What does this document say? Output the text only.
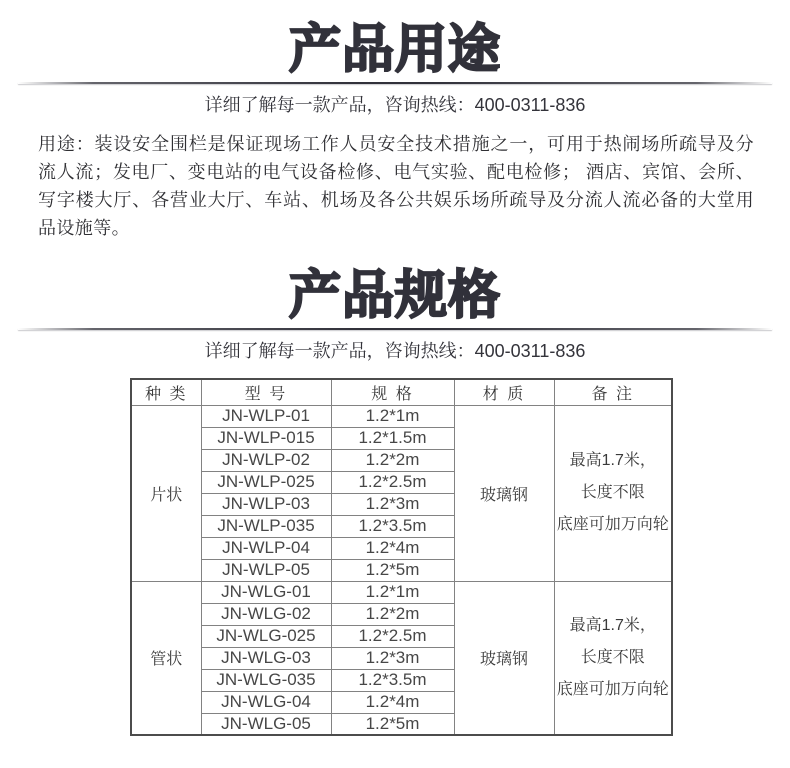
产品用途
详细了解每一款产品，咨询热线：400-0311-836

用途：装设安全围栏是保证现场工作人员安全技术措施之一，可用于热闹场所疏导及分流人流；发电厂、变电站的电气设备检修、电气实验、配电检修； 酒店、宾馆、会所、写字楼大厅、各营业大厅、车站、机场及各公共娱乐场所疏导及分流人流必备的大堂用品设施等。

产品规格
详细了解每一款产品，咨询热线：400-0311-836
种 类	型 号	规 格	材 质	备 注
片状	JN-WLP-01	1.2*1m	玻璃钢	最高1.7米，
长度不限
底座可加万向轮

	JN-WLP-015	1.2*1.5m		
	JN-WLP-02	1.2*2m		
	JN-WLP-025	1.2*2.5m		
	JN-WLP-03	1.2*3m		
	JN-WLP-035	1.2*3.5m		
	JN-WLP-04	1.2*4m		
	JN-WLP-05	1.2*5m		
管状	JN-WLG-01	1.2*1m	玻璃钢	最高1.7米，
长度不限
底座可加万向轮

	JN-WLG-02	1.2*2m		
	JN-WLG-025	1.2*2.5m		
	JN-WLG-03	1.2*3m		
	JN-WLG-035	1.2*3.5m		
	JN-WLG-04	1.2*4m		
	JN-WLG-05	1.2*5m		
